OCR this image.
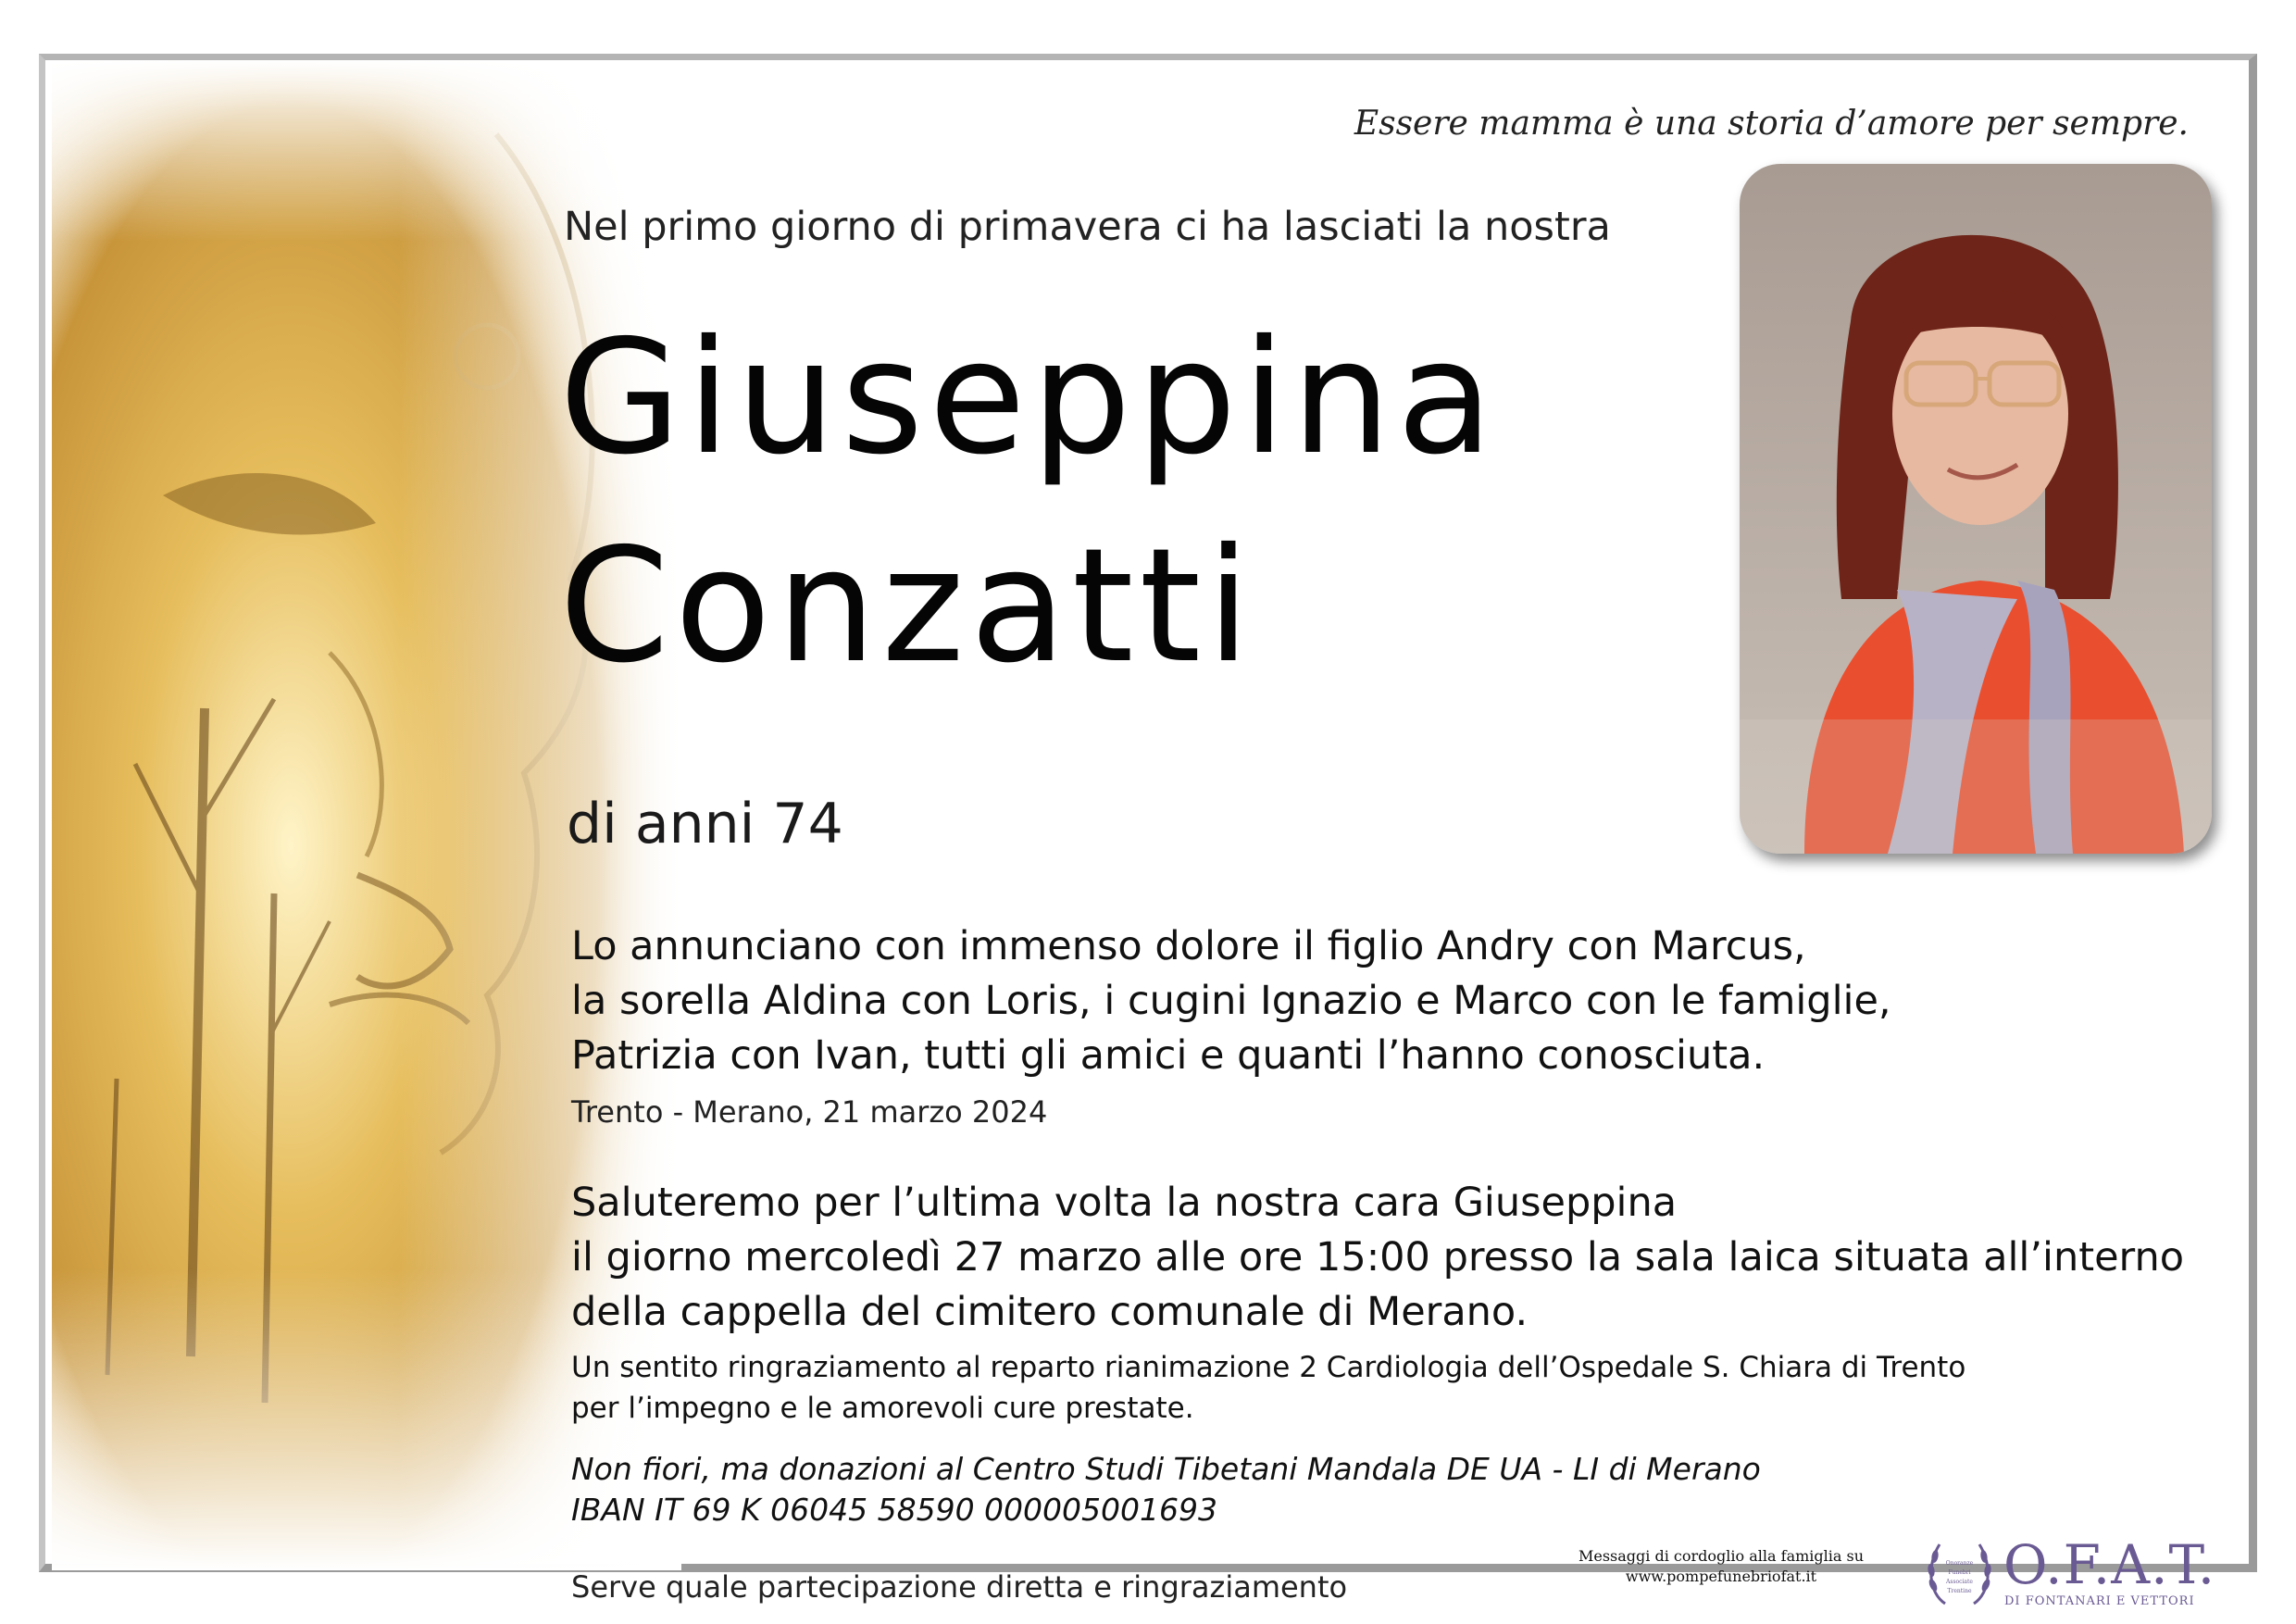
Essere mamma è una storia d’amore per sempre.
Nel primo giorno di primavera ci ha lasciati la nostra
Giuseppina
Conzatti
di anni 74
Lo annunciano con immenso dolore il figlio Andry con Marcus,
la sorella Aldina con Loris, i cugini Ignazio e Marco con le famiglie,
Patrizia con Ivan, tutti gli amici e quanti l’hanno conosciuta.
Trento - Merano, 21 marzo 2024
Saluteremo per l’ultima volta la nostra cara Giuseppina
il giorno mercoledì 27 marzo alle ore 15:00 presso la sala laica situata all’interno
della cappella del cimitero comunale di Merano.
Un sentito ringraziamento al reparto rianimazione 2 Cardiologia dell’Ospedale S. Chiara di Trento
per l’impegno e le amorevoli cure prestate.
Non fiori, ma donazioni al Centro Studi Tibetani Mandala DE UA - LI di Merano
IBAN IT 69 K 06045 58590 000005001693
Serve quale partecipazione diretta e ringraziamento
Messaggi di cordoglio alla famiglia su
www.pompefunebriofat.it
Onoranze
Funebri
Associate
Trentine O.F.A.T.
DI FONTANARI E VETTORI
